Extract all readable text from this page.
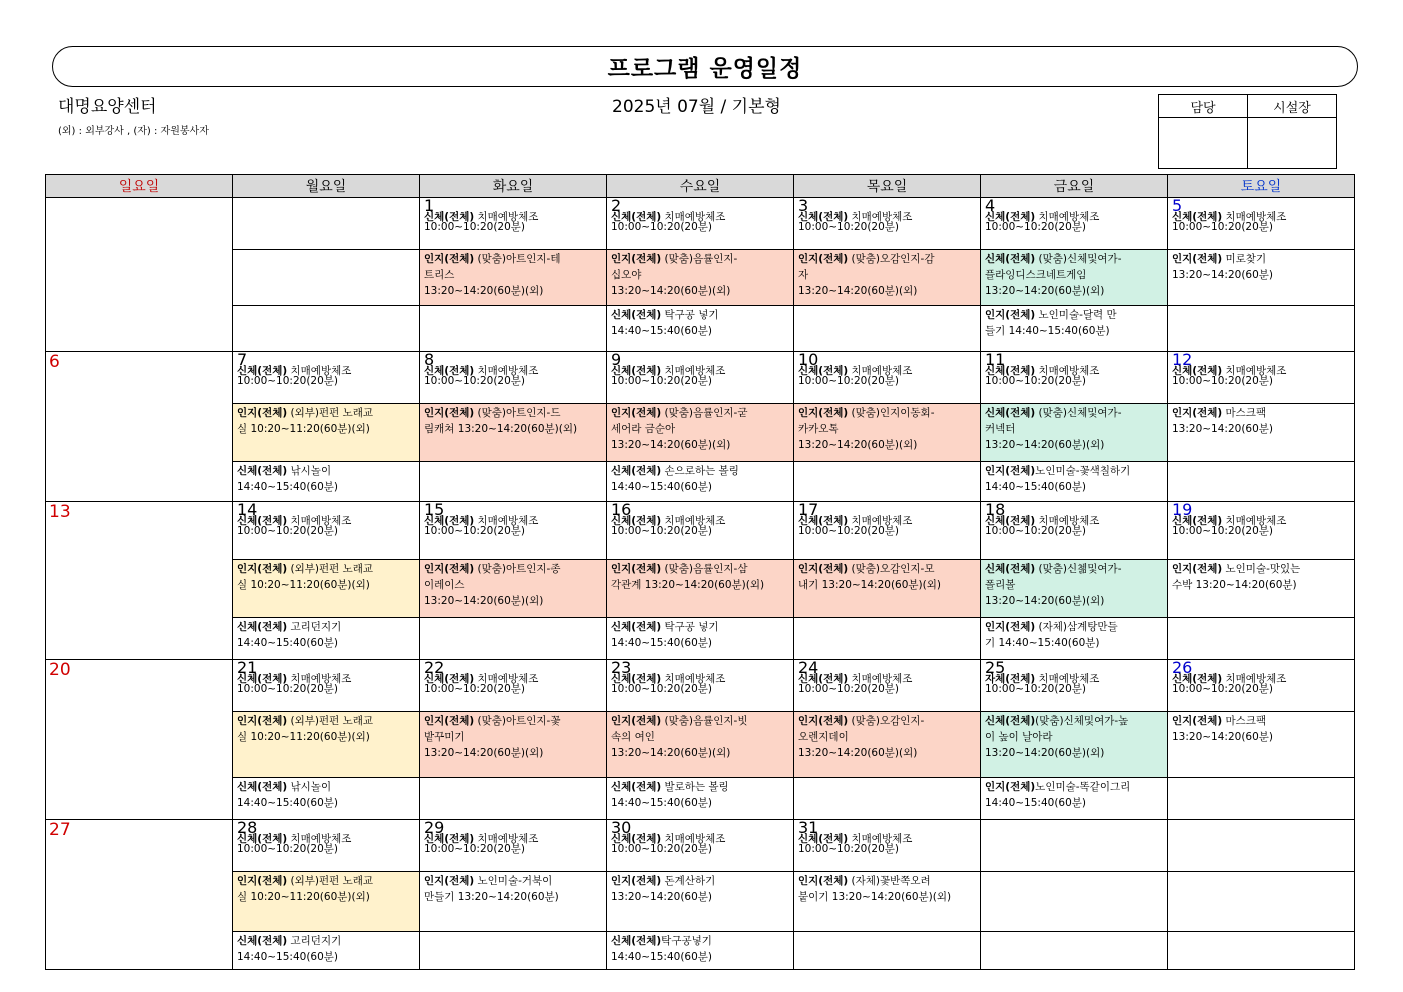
프로그램 운영일정
대명요양센터
(외) : 외부강사 , (자) : 자원봉사자
2025년 07월 / 기본형	담당	시설장

일요일	월요일	화요일	수요일	목요일	금요일	토요일

		1
신체(전체) 치매예방체조
10:00~10:20(20분)	2
신체(전체) 치매예방체조
10:00~10:20(20분)	3
신체(전체) 치매예방체조
10:00~10:20(20분)	4
신체(전체) 치매예방체조
10:00~10:20(20분)	5
신체(전체) 치매예방체조
10:00~10:20(20분)

		인지(전체) (맞춤)아트인지-테
트리스
13:20~14:20(60분)(외)	인지(전체) (맞춤)음률인지-
십오야
13:20~14:20(60분)(외)	인지(전체) (맞춤)오감인지-감
자
13:20~14:20(60분)(외)	신체(전체) (맞춤)신체및여가-
플라잉디스크네트게임
13:20~14:20(60분)(외)	인지(전체) 미로찾기
13:20~14:20(60분)

			신체(전체) 탁구공 넣기
14:40~15:40(60분)		인지(전체) 노인미술-달력 만
들기 14:40~15:40(60분)	

6	7
신체(전체) 치매예방체조
10:00~10:20(20분)	8
신체(전체) 치매예방체조
10:00~10:20(20분)	9
신체(전체) 치매예방체조
10:00~10:20(20분)	10
신체(전체) 치매예방체조
10:00~10:20(20분)	11
신체(전체) 치매예방체조
10:00~10:20(20분)	12
신체(전체) 치매예방체조
10:00~10:20(20분)

	인지(전체) (외부)펀펀 노래교
실 10:20~11:20(60분)(외)	인지(전체) (맞춤)아트인지-드
림캐쳐 13:20~14:20(60분)(외)	인지(전체) (맞춤)음률인지-굳
세어라 금순아
13:20~14:20(60분)(외)	인지(전체) (맞춤)인지이동회-
카카오톡
13:20~14:20(60분)(외)	신체(전체) (맞춤)신체및여가-
커넥터
13:20~14:20(60분)(외)	인지(전체) 마스크팩
13:20~14:20(60분)

	신체(전체) 낚시놀이
14:40~15:40(60분)		신체(전체) 손으로하는 볼링
14:40~15:40(60분)		인지(전체)노인미술-꽃색칠하기
14:40~15:40(60분)	

13	14
신체(전체) 치매예방체조
10:00~10:20(20분)	15
신체(전체) 치매예방체조
10:00~10:20(20분)	16
신체(전체) 치매예방체조
10:00~10:20(20분)	17
신체(전체) 치매예방체조
10:00~10:20(20분)	18
신체(전체) 치매예방체조
10:00~10:20(20분)	19
신체(전체) 치매예방체조
10:00~10:20(20분)

	인지(전체) (외부)펀펀 노래교
실 10:20~11:20(60분)(외)	인지(전체) (맞춤)아트인지-종
이레이스
13:20~14:20(60분)(외)	인지(전체) (맞춤)음률인지-삼
각관계 13:20~14:20(60분)(외)	인지(전체) (맞춤)오감인지-모
내기 13:20~14:20(60분)(외)	신체(전체) (맞춤)신첾및여가-
폴리볼
13:20~14:20(60분)(외)	인지(전체) 노인미술-맛있는
수박 13:20~14:20(60분)

	신체(전체) 고리던지기
14:40~15:40(60분)		신체(전체) 탁구공 넣기
14:40~15:40(60분)		인지(전체) (자체)삼계탕만들
기 14:40~15:40(60분)	

20	21
신체(전체) 치매예방체조
10:00~10:20(20분)	22
신체(전체) 치매예방체조
10:00~10:20(20분)	23
신체(전체) 치매예방체조
10:00~10:20(20분)	24
신체(전체) 치매예방체조
10:00~10:20(20분)	25
자체(전체) 치매예방체조
10:00~10:20(20분)	26
신체(전체) 치매예방체조
10:00~10:20(20분)

	인지(전체) (외부)펀펀 노래교
실 10:20~11:20(60분)(외)	인지(전체) (맞춤)아트인지-꽃
밭꾸미기
13:20~14:20(60분)(외)	인지(전체) (맞춤)음률인지-빗
속의 여인
13:20~14:20(60분)(외)	인지(전체) (맞춤)오감인지-
오렌지데이
13:20~14:20(60분)(외)	신체(전체)(맞춤)신체및여가-높
이 높이 날아라
13:20~14:20(60분)(외)	인지(전체) 마스크팩
13:20~14:20(60분)

	신체(전체) 낚시놀이
14:40~15:40(60분)		신체(전체) 발로하는 볼링
14:40~15:40(60분)		인지(전체)노인미술-똑같이그리
14:40~15:40(60분)	

27	28
신체(전체) 치매예방체조
10:00~10:20(20분)	29
신체(전체) 치매예방체조
10:00~10:20(20분)	30
신체(전체) 치매예방체조
10:00~10:20(20분)	31
신체(전체) 치매예방체조
10:00~10:20(20분)		

	인지(전체) (외부)펀펀 노래교
실 10:20~11:20(60분)(외)	인지(전체) 노인미술-거북이
만들기 13:20~14:20(60분)	인지(전체) 돈계산하기
13:20~14:20(60분)	인지(전체) (자체)꽃반쪽오려
붙이기 13:20~14:20(60분)(외)		

	신체(전체) 고리던지기
14:40~15:40(60분)		신체(전체)탁구공넣기
14:40~15:40(60분)			
